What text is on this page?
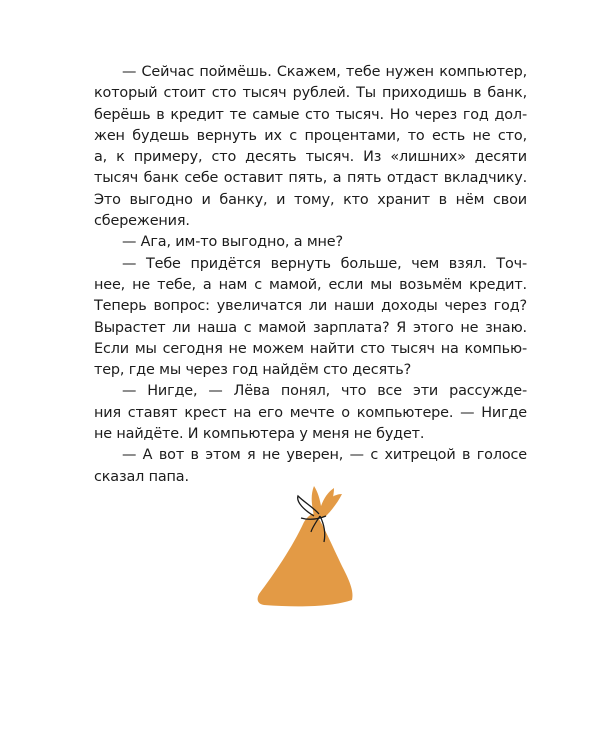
— Сейчас поймёшь. Скажем, тебе нужен компьютер,
который стоит сто тысяч рублей. Ты приходишь в банк,
берёшь в кредит те самые сто тысяч. Но через год дол-
жен будешь вернуть их с процентами, то есть не сто,
а, к примеру, сто десять тысяч. Из «лишних» десяти
тысяч банк себе оставит пять, а пять отдаст вкладчику.
Это выгодно и банку, и тому, кто хранит в нём свои
сбережения.
— Ага, им-то выгодно, а мне?
— Тебе придётся вернуть больше, чем взял. Точ-
нее, не тебе, а нам с мамой, если мы возьмём кредит.
Теперь вопрос: увеличатся ли наши доходы через год?
Вырастет ли наша с мамой зарплата? Я этого не знаю.
Если мы сегодня не можем найти сто тысяч на компью-
тер, где мы через год найдём сто десять?
— Нигде, — Лёва понял, что все эти рассужде-
ния ставят крест на его мечте о компьютере. — Нигде
не найдёте. И компьютера у меня не будет.
— А вот в этом я не уверен, — с хитрецой в голосе
сказал папа.
